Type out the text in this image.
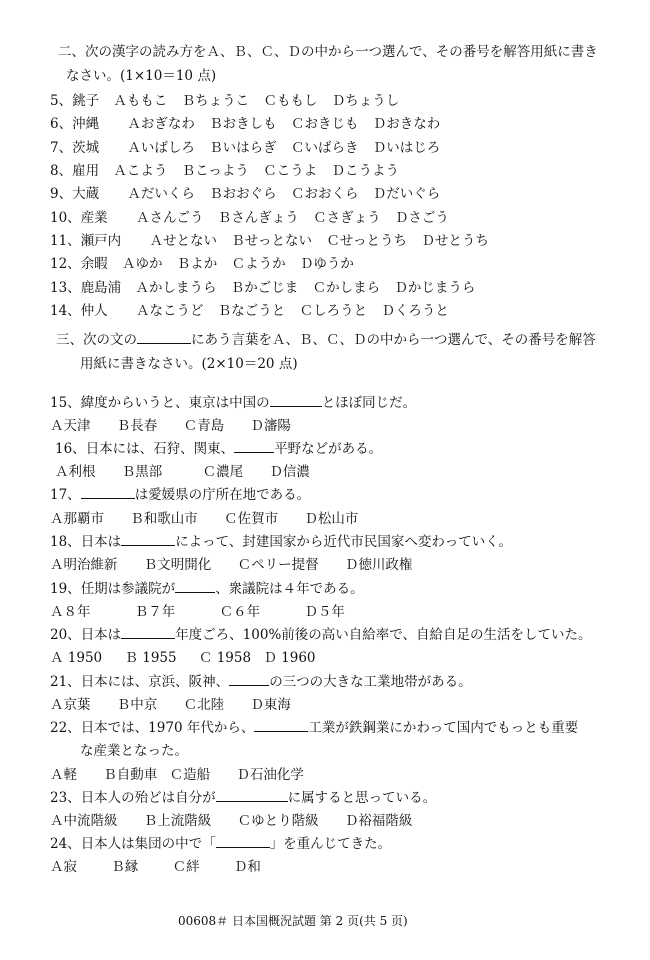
二、次の漢字の読み方をＡ、Ｂ、Ｃ、Ｄの中から一つ選んで、その番号を解答用紙に書き
なさい。(1×10＝10 点)
5、銚子 Ａももこ Ｂちょうこ Ｃももし Ｄちょうし
6、沖縄 Ａおぎなわ Ｂおきしも Ｃおきじも Ｄおきなわ
7、茨城 Ａいばしろ Ｂいはらぎ Ｃいばらき Ｄいはじろ
8、雇用 Ａこよう Ｂこっよう Ｃこうよ Ｄこうよう
9、大蔵 Ａだいくら Ｂおおぐら Ｃおおくら Ｄだいぐら
10、産業 Ａさんごう Ｂさんぎょう Ｃさぎょう Ｄさごう
11、瀬戸内 Ａせとない Ｂせっとない Ｃせっとうち Ｄせとうち
12、余暇 Ａゆか Ｂよか Ｃようか Ｄゆうか
13、鹿島浦 Ａかしまうら Ｂかごじま Ｃかしまら Ｄかじまうら
14、仲人 Ａなこうど Ｂなごうと Ｃしろうと Ｄくろうと
三、次の文の	にあう言葉をＡ、Ｂ、Ｃ、Ｄの中から一つ選んで、その番号を解答
用紙に書きなさい。(2×10＝20 点)
15、緯度からいうと、東京は中国の	とほぼ同じだ。
Ａ天津 Ｂ長春 Ｃ青島 Ｄ瀋陽
16、日本には、石狩、関東、	平野などがある。
Ａ利根 Ｂ黒部	Ｃ濃尾 Ｄ信濃
17、	は愛媛県の庁所在地である。
Ａ那覇市 Ｂ和歌山市 Ｃ佐賀市 Ｄ松山市
18、日本は	によって、封建国家から近代市民国家へ変わっていく。
Ａ明治維新 Ｂ文明開化 Ｃペリー提督 Ｄ徳川政権
19、任期は参議院が	、衆議院は４年である。
Ａ８年	Ｂ７年	Ｃ６年	Ｄ５年
20、日本は	年度ごろ、100%前後の高い自給率で、自給自足の生活をしていた。
Ａ 1950 Ｂ 1955 Ｃ 1958 Ｄ 1960
21、日本には、京浜、阪神、	の三つの大きな工業地帯がある。
Ａ京葉 Ｂ中京 Ｃ北陸 Ｄ東海
22、日本では、1970 年代から、	工業が鉄鋼業にかわって国内でもっとも重要
な産業となった。
Ａ軽 Ｂ自動車 Ｃ造船 Ｄ石油化学
23、日本人の殆どは自分が	に属すると思っている。
Ａ中流階級 Ｂ上流階級 Ｃゆとり階級 Ｄ裕福階級
24、日本人は集団の中で「	」を重んじてきた。
Ａ寂	Ｂ縁	Ｃ絆	Ｄ和
00608＃ 日本国概況試題 第 2 页(共 5 页)
